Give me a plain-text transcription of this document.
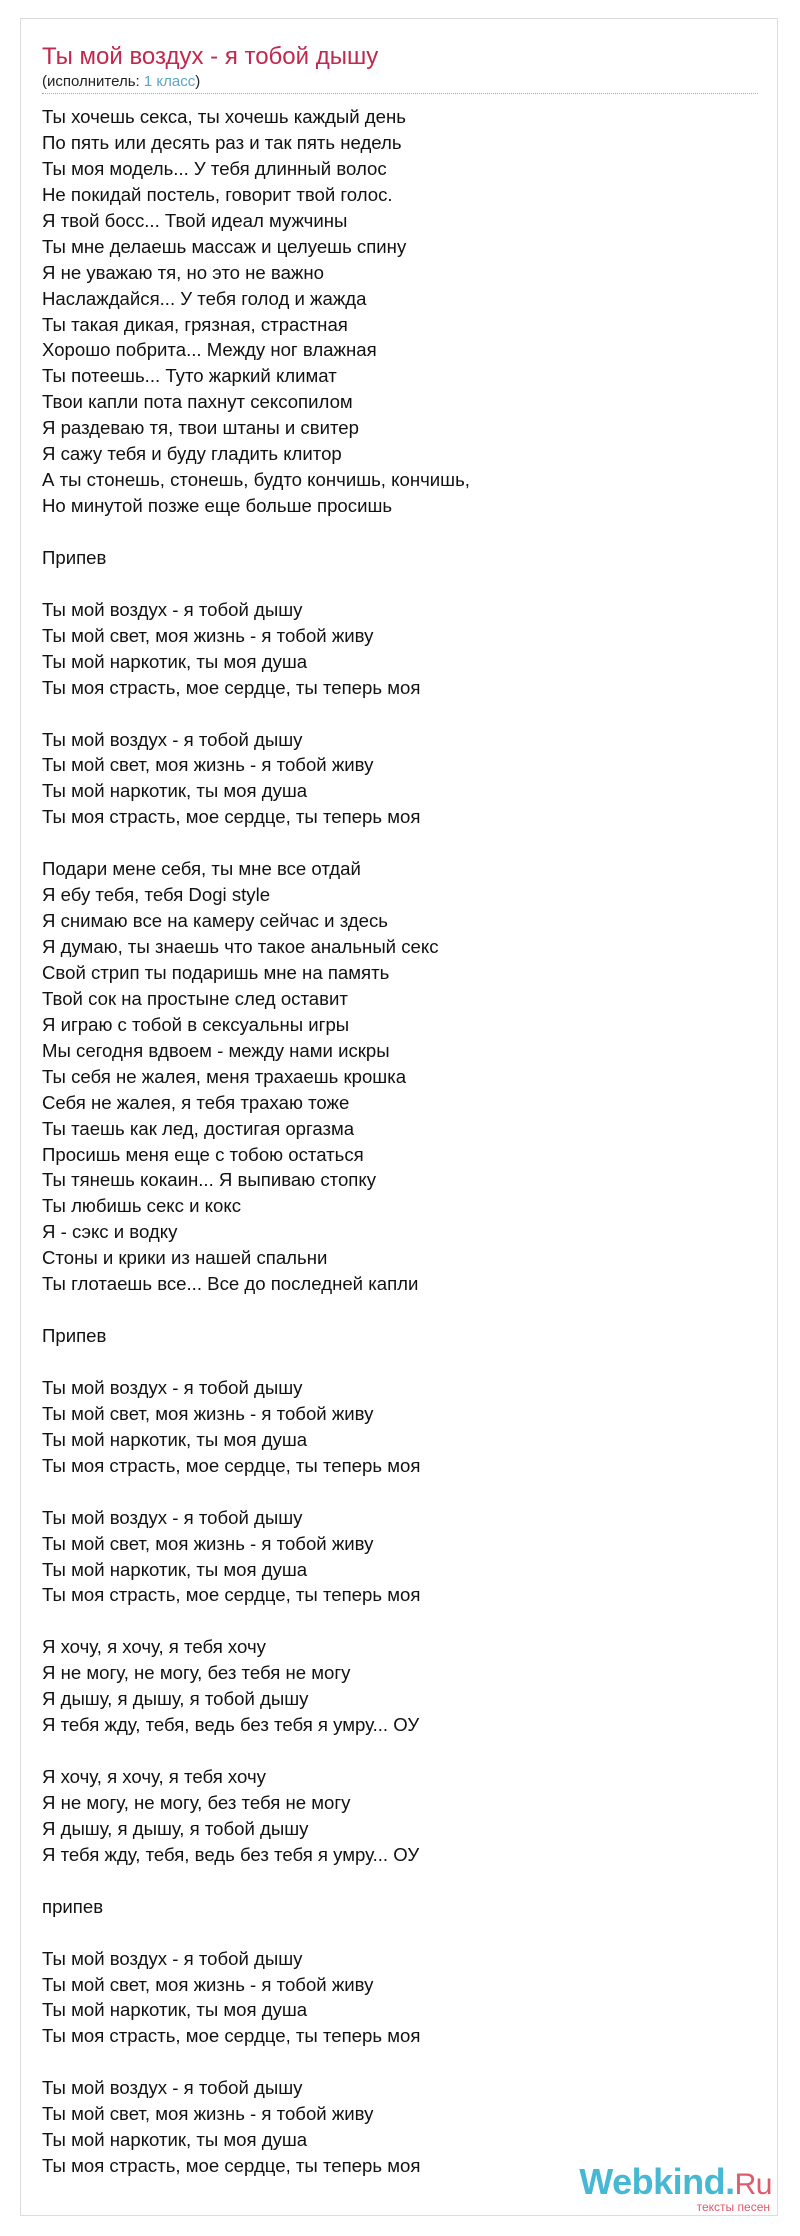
Ты мой воздух - я тобой дышу
(исполнитель: 1 класс)
Ты хочешь секса, ты хочешь каждый день
По пять или десять раз и так пять недель
Ты моя модель... У тебя длинный волос
Не покидай постель, говорит твой голос.
Я твой босс... Твой идеал мужчины
Ты мне делаешь массаж и целуешь спину
Я не уважаю тя, но это не важно
Наслаждайся... У тебя голод и жажда
Ты такая дикая, грязная, страстная
Хорошо побрита... Между ног влажная
Ты потеешь... Туто жаркий климат
Твои капли пота пахнут сексопилом
Я раздеваю тя, твои штаны и свитер
Я сажу тебя и буду гладить клитор
А ты стонешь, стонешь, будто кончишь, кончишь,
Но минутой позже еще больше просишь
Припев
Ты мой воздух - я тобой дышу
Ты мой свет, моя жизнь - я тобой живу
Ты мой наркотик, ты моя душа
Ты моя страсть, мое сердце, ты теперь моя
Ты мой воздух - я тобой дышу
Ты мой свет, моя жизнь - я тобой живу
Ты мой наркотик, ты моя душа
Ты моя страсть, мое сердце, ты теперь моя
Подари мене себя, ты мне все отдай
Я ебу тебя, тебя Dogi style
Я снимаю все на камеру сейчас и здесь
Я думаю, ты знаешь что такое анальный секс
Свой стрип ты подаришь мне на память
Твой сок на простыне след оставит
Я играю с тобой в сексуальны игры
Мы сегодня вдвоем - между нами искры
Ты себя не жалея, меня трахаешь крошка
Себя не жалея, я тебя трахаю тоже
Ты таешь как лед, достигая оргазма
Просишь меня еще с тобою остаться
Ты тянешь кокаин... Я выпиваю стопку
Ты любишь секс и кокс
Я - сэкс и водку
Стоны и крики из нашей спальни
Ты глотаешь все... Все до последней капли
Припев
Ты мой воздух - я тобой дышу
Ты мой свет, моя жизнь - я тобой живу
Ты мой наркотик, ты моя душа
Ты моя страсть, мое сердце, ты теперь моя
Ты мой воздух - я тобой дышу
Ты мой свет, моя жизнь - я тобой живу
Ты мой наркотик, ты моя душа
Ты моя страсть, мое сердце, ты теперь моя
Я хочу, я хочу, я тебя хочу
Я не могу, не могу, без тебя не могу
Я дышу, я дышу, я тобой дышу
Я тебя жду, тебя, ведь без тебя я умру... ОУ
Я хочу, я хочу, я тебя хочу
Я не могу, не могу, без тебя не могу
Я дышу, я дышу, я тобой дышу
Я тебя жду, тебя, ведь без тебя я умру... ОУ
припев
Ты мой воздух - я тобой дышу
Ты мой свет, моя жизнь - я тобой живу
Ты мой наркотик, ты моя душа
Ты моя страсть, мое сердце, ты теперь моя
Ты мой воздух - я тобой дышу
Ты мой свет, моя жизнь - я тобой живу
Ты мой наркотик, ты моя душа
Ты моя страсть, мое сердце, ты теперь моя	Webkind.Ru
тексты песен
